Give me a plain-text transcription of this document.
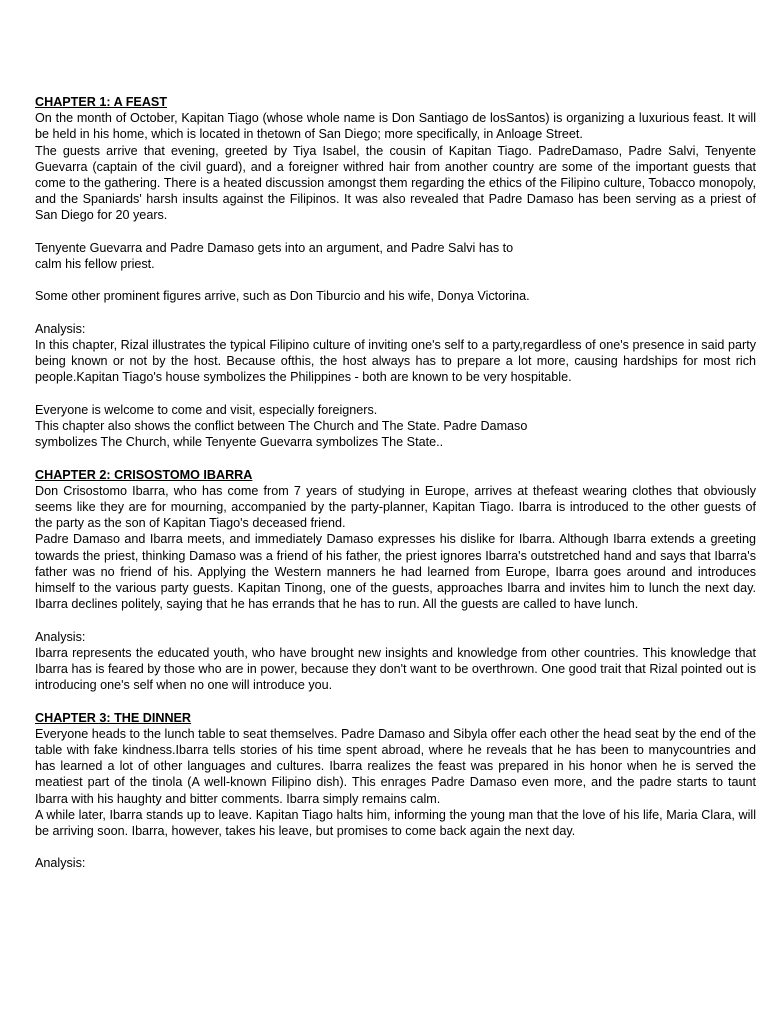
CHAPTER 1: A FEAST

On the month of October, Kapitan Tiago (whose whole name is Don Santiago de losSantos) is organizing a luxurious feast. It will be held in his home, which is located in thetown of San Diego; more specifically, in Anloage Street.

The guests arrive that evening, greeted by Tiya Isabel, the cousin of Kapitan Tiago. PadreDamaso, Padre Salvi, Tenyente Guevarra (captain of the civil guard), and a foreigner withred hair from another country are some of the important guests that come to the gathering. There is a heated discussion amongst them regarding the ethics of the Filipino culture, Tobacco monopoly, and the Spaniards' harsh insults against the Filipinos. It was also revealed that Padre Damaso has been serving as a priest of San Diego for 20 years.

Tenyente Guevarra and Padre Damaso gets into an argument, and Padre Salvi has to

calm his fellow priest.

Some other prominent figures arrive, such as Don Tiburcio and his wife, Donya Victorina.

Analysis:

In this chapter, Rizal illustrates the typical Filipino culture of inviting one's self to a party,regardless of one's presence in said party being known or not by the host. Because ofthis, the host always has to prepare a lot more, causing hardships for most rich people.Kapitan Tiago's house symbolizes the Philippines - both are known to be very hospitable.

Everyone is welcome to come and visit, especially foreigners.

This chapter also shows the conflict between The Church and The State. Padre Damaso

symbolizes The Church, while Tenyente Guevarra symbolizes The State..

CHAPTER 2: CRISOSTOMO IBARRA

Don Crisostomo Ibarra, who has come from 7 years of studying in Europe, arrives at thefeast wearing clothes that obviously seems like they are for mourning, accompanied by the party-planner, Kapitan Tiago. Ibarra is introduced to the other guests of the party as the son of Kapitan Tiago's deceased friend.

Padre Damaso and Ibarra meets, and immediately Damaso expresses his dislike for Ibarra. Although Ibarra extends a greeting towards the priest, thinking Damaso was a friend of his father, the priest ignores Ibarra's outstretched hand and says that Ibarra's father was no friend of his. Applying the Western manners he had learned from Europe, Ibarra goes around and introduces himself to the various party guests. Kapitan Tinong, one of the guests, approaches Ibarra and invites him to lunch the next day. Ibarra declines politely, saying that he has errands that he has to run. All the guests are called to have lunch.

Analysis:

Ibarra represents the educated youth, who have brought new insights and knowledge from other countries. This knowledge that Ibarra has is feared by those who are in power, because they don't want to be overthrown. One good trait that Rizal pointed out is introducing one's self when no one will introduce you.

CHAPTER 3: THE DINNER

Everyone heads to the lunch table to seat themselves. Padre Damaso and Sibyla offer each other the head seat by the end of the table with fake kindness.Ibarra tells stories of his time spent abroad, where he reveals that he has been to manycountries and has learned a lot of other languages and cultures. Ibarra realizes the feast was prepared in his honor when he is served the meatiest part of the tinola (A well-known Filipino dish). This enrages Padre Damaso even more, and the padre starts to taunt Ibarra with his haughty and bitter comments. Ibarra simply remains calm.

A while later, Ibarra stands up to leave. Kapitan Tiago halts him, informing the young man that the love of his life, Maria Clara, will be arriving soon. Ibarra, however, takes his leave, but promises to come back again the next day.

Analysis:
